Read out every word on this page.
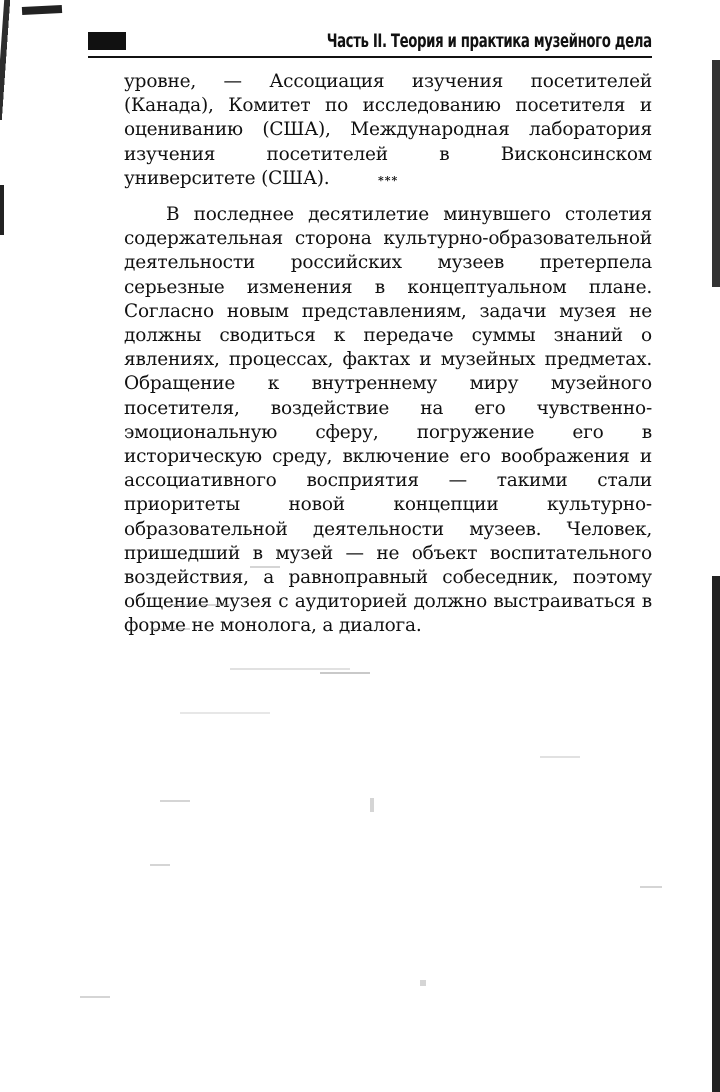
Часть II. Теория и практика музейного дела
уровне, — Ассоциация изучения посетителей (Канада), Комитет по исследованию посетителя и оцениванию (США), Международная лаборатория изучения посетителей в Висконсинском университете (США).	***
В последнее десятилетие минувшего столетия содержательная сторона культурно-образовательной деятельности российских музеев претерпела серьезные изменения в концептуальном плане. Согласно новым представлениям, задачи музея не должны сводиться к передаче суммы знаний о явлениях, процессах, фактах и музейных предметах. Обращение к внутреннему миру музейного посетителя, воздействие на его чувственно-эмоциональную сферу, погружение его в историческую среду, включение его воображения и ассоциативного восприятия — такими стали приоритеты новой концепции культурно-образовательной деятельности музеев. Человек, пришедший в музей — не объект воспитательного воздействия, а равноправный собеседник, поэтому общение музея с аудиторией должно выстраиваться в форме не монолога, а диалога.
